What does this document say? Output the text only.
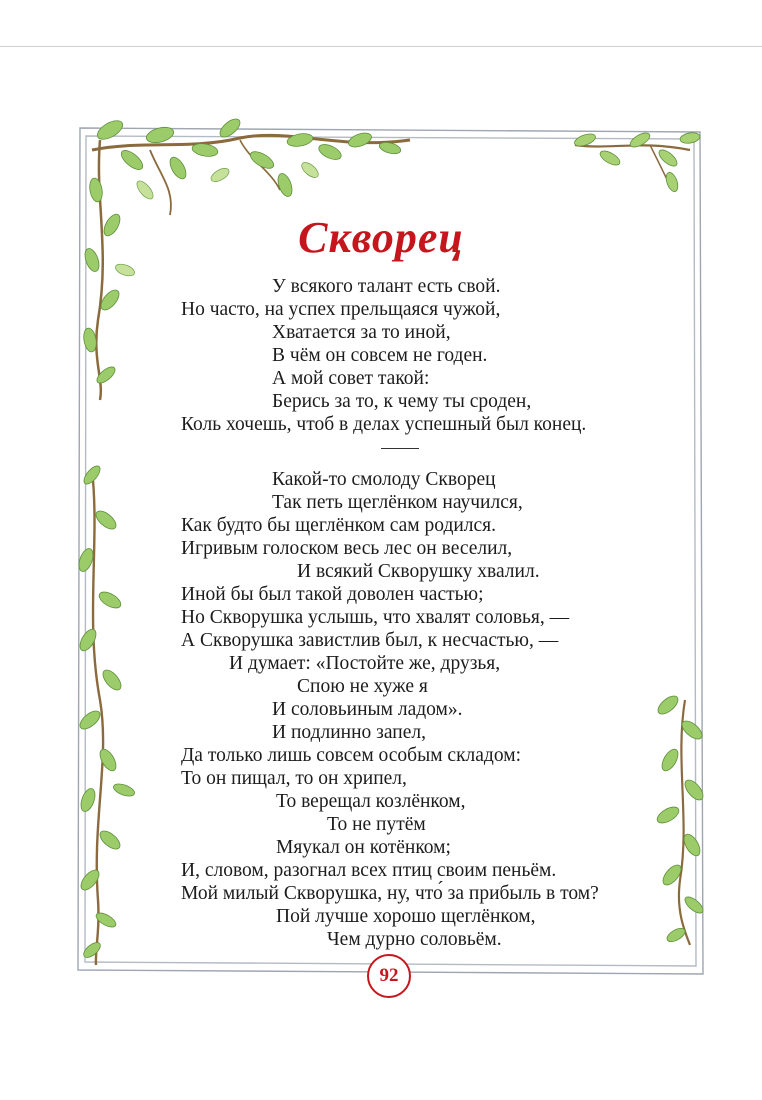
Скворец
У всякого талант есть свой.
Но часто, на успех прельщаяся чужой,
Хватается за то иной,
В чём он совсем не годен.
А мой совет такой:
Берись за то, к чему ты сроден,
Коль хочешь, чтоб в делах успешный был конец.
Какой-то смолоду Скворец
Так петь щеглёнком научился,
Как будто бы щеглёнком сам родился.
Игривым голоском весь лес он веселил,
И всякий Скворушку хвалил.
Иной бы был такой доволен частью;
Но Скворушка услышь, что хвалят соловья, —
А Скворушка завистлив был, к несчастью, —
И думает: «Постойте же, друзья,
Спою не хуже я
И соловьиным ладом».
И подлинно запел,
Да только лишь совсем особым складом:
То он пищал, то он хрипел,
То верещал козлёнком,
То не путём
Мяукал он котёнком;
И, словом, разогнал всех птиц своим пеньём.
Мой милый Скворушка, ну, что́ за прибыль в том?
Пой лучше хорошо щеглёнком,
Чем дурно соловьём.
92
